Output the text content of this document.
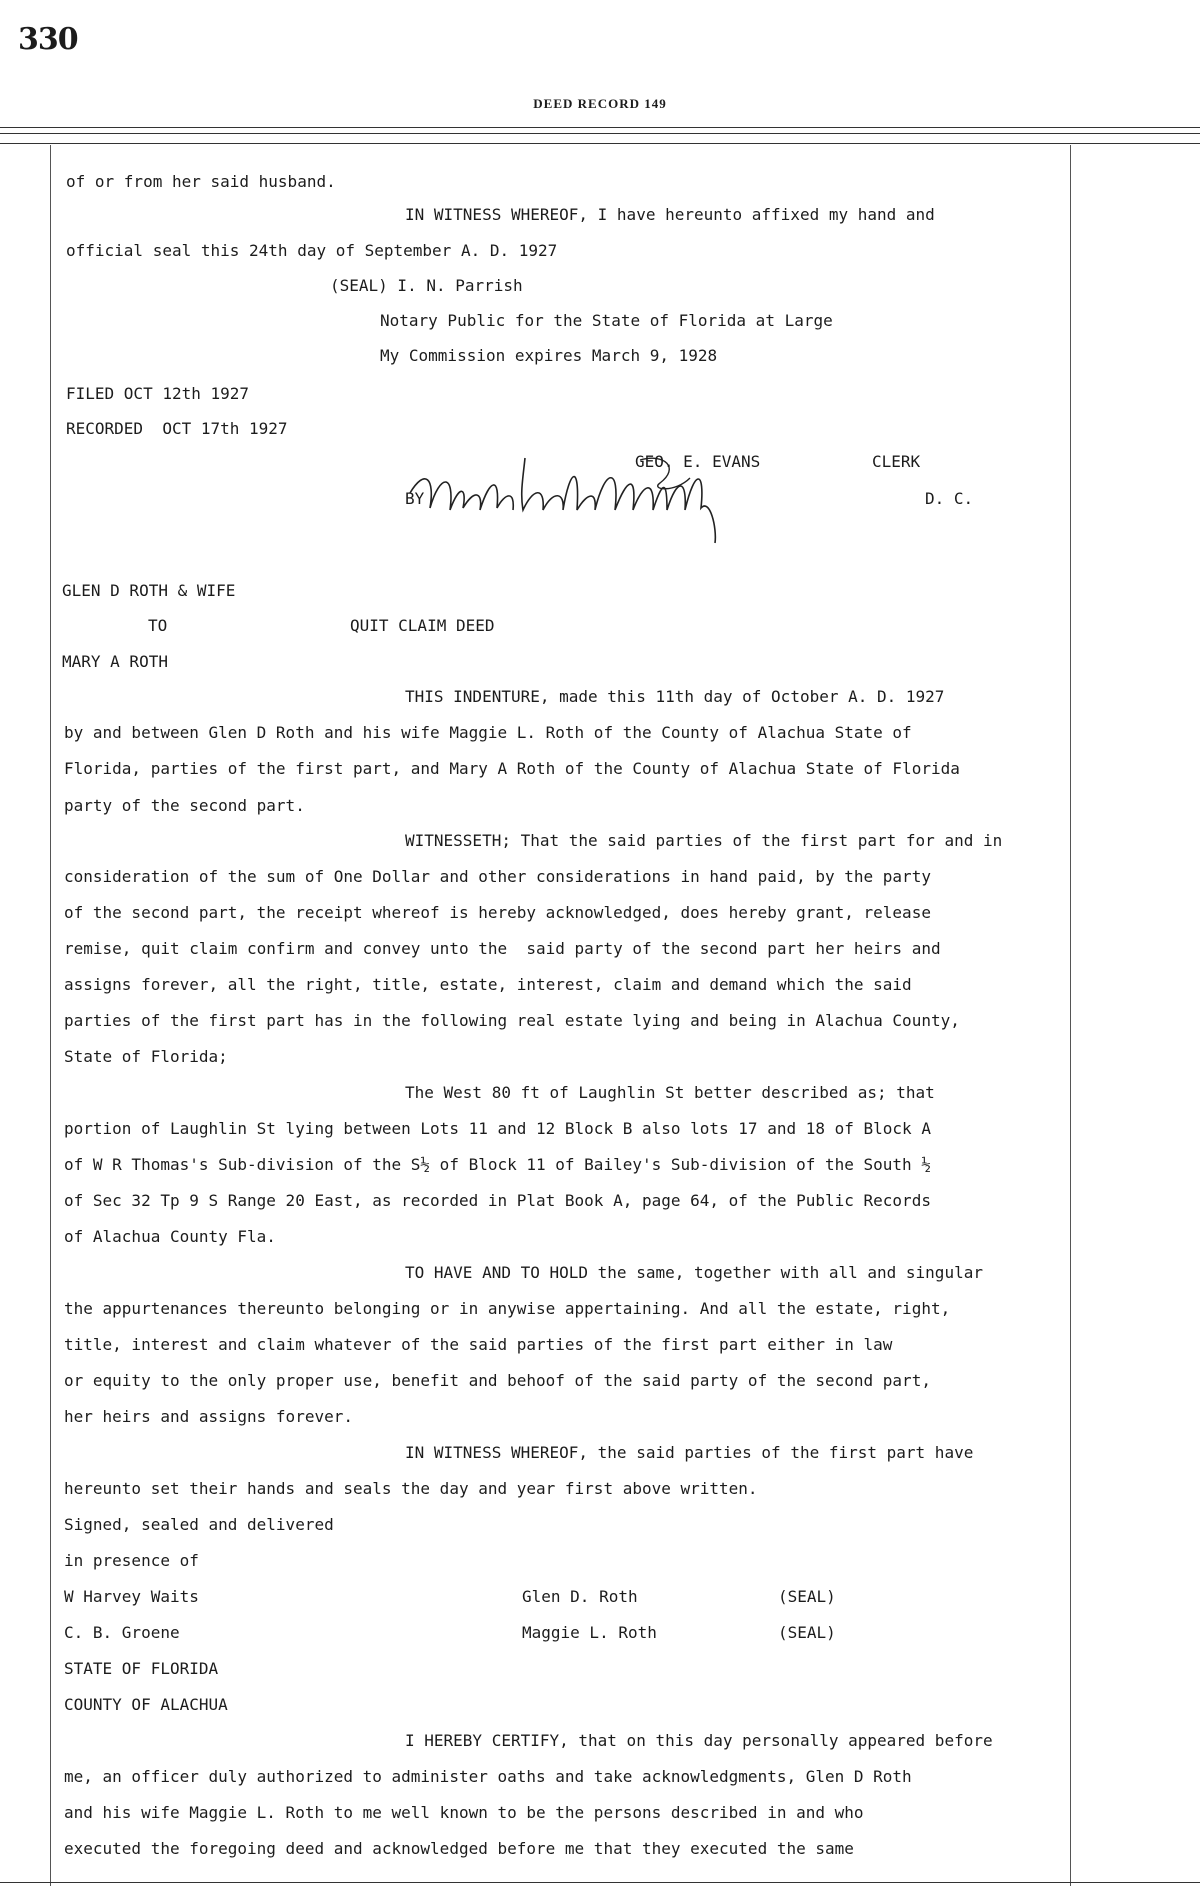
330
DEED RECORD 149
of or from her said husband.
IN WITNESS WHEREOF, I have hereunto affixed my hand and
official seal this 24th day of September A. D. 1927
(SEAL) I. N. Parrish
Notary Public for the State of Florida at Large
My Commission expires March 9, 1928
FILED OCT 12th 1927
RECORDED  OCT 17th 1927
GEO. E. EVANS	CLERK
BY	D. C.
GLEN D ROTH & WIFE
TO	QUIT CLAIM DEED
MARY A ROTH
THIS INDENTURE, made this 11th day of October A. D. 1927
by and between Glen D Roth and his wife Maggie L. Roth of the County of Alachua State of
Florida, parties of the first part, and Mary A Roth of the County of Alachua State of Florida
party of the second part.
WITNESSETH; That the said parties of the first part for and in
consideration of the sum of One Dollar and other considerations in hand paid, by the party
of the second part, the receipt whereof is hereby acknowledged, does hereby grant, release
remise, quit claim confirm and convey unto the  said party of the second part her heirs and
assigns forever, all the right, title, estate, interest, claim and demand which the said
parties of the first part has in the following real estate lying and being in Alachua County,
State of Florida;
The West 80 ft of Laughlin St better described as; that
portion of Laughlin St lying between Lots 11 and 12 Block B also lots 17 and 18 of Block A
of W R Thomas's Sub-division of the S½ of Block 11 of Bailey's Sub-division of the South ½
of Sec 32 Tp 9 S Range 20 East, as recorded in Plat Book A, page 64, of the Public Records
of Alachua County Fla.
TO HAVE AND TO HOLD the same, together with all and singular
the appurtenances thereunto belonging or in anywise appertaining. And all the estate, right,
title, interest and claim whatever of the said parties of the first part either in law
or equity to the only proper use, benefit and behoof of the said party of the second part,
her heirs and assigns forever.
IN WITNESS WHEREOF, the said parties of the first part have
hereunto set their hands and seals the day and year first above written.
Signed, sealed and delivered
in presence of
W Harvey Waits	Glen D. Roth	(SEAL)
C. B. Groene	Maggie L. Roth	(SEAL)
STATE OF FLORIDA
COUNTY OF ALACHUA
I HEREBY CERTIFY, that on this day personally appeared before
me, an officer duly authorized to administer oaths and take acknowledgments, Glen D Roth
and his wife Maggie L. Roth to me well known to be the persons described in and who
executed the foregoing deed and acknowledged before me that they executed the same
